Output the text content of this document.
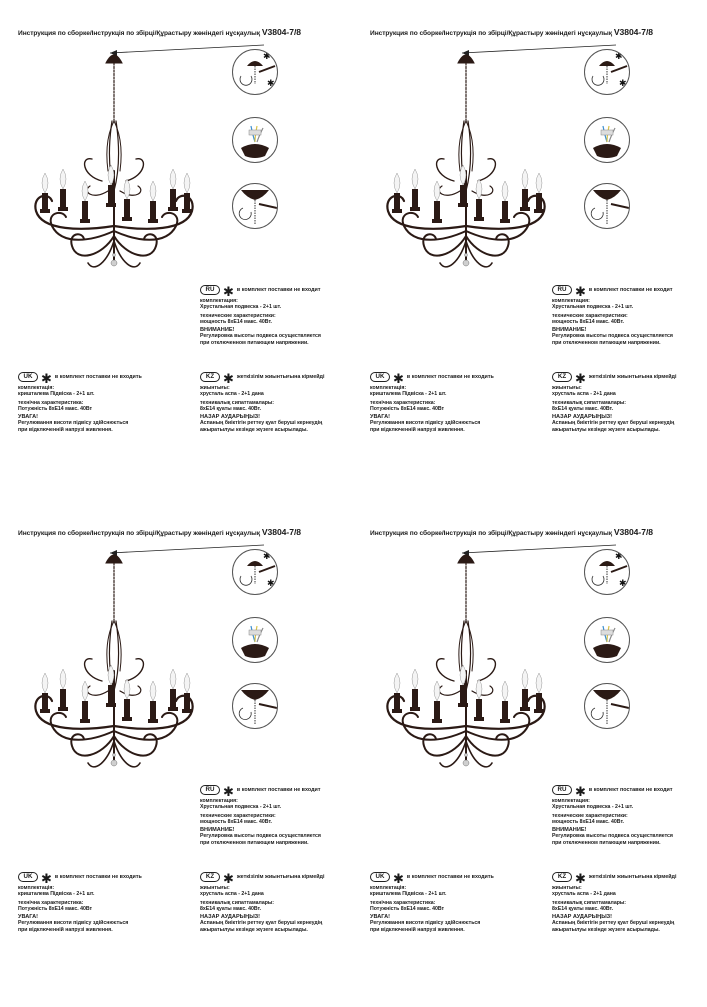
Инструкция по сборке/Інструкція по збірці/Құрастыру жөніндегі нұсқаулық V3804-7/8
✱
✱
RU ✱ в комплект поставки не входит
комплектация:
Хрустальная подвеска - 2+1 шт.
технические характеристики:
мощность 8хЕ14 макс. 40Вт.
ВНИМАНИЕ!
Регулировка высоты подвеса осуществляется
при отключенном питающем напряжении.
UK ✱ в комплект поставки не входить
комплектація:
кришталева Підвіска - 2+1 шт.
технічна характеристика:
Потужність 8хЕ14 макс. 40Вт
УВАГА!
Регулювання висоти підвісу здійснюється
при відключенній напрузі живлення.
KZ ✱ жеткізілім жиынтығына кірмейді
жиынтығы:
хрусталь аспа - 2+1 дана
техникалық сипаттамалары:
8хЕ14 қуаты макс. 40Вт.
НАЗАР АУДАРЫҢЫЗ!
Аспаның биіктігін реттеу қуат беруші кернеудің
ажыратылуы кезінде жүзеге асырылады.
Инструкция по сборке/Інструкція по збірці/Құрастыру жөніндегі нұсқаулық V3804-7/8
✱
✱
RU ✱ в комплект поставки не входит
комплектация:
Хрустальная подвеска - 2+1 шт.
технические характеристики:
мощность 8хЕ14 макс. 40Вт.
ВНИМАНИЕ!
Регулировка высоты подвеса осуществляется
при отключенном питающем напряжении.
UK ✱ в комплект поставки не входить
комплектація:
кришталева Підвіска - 2+1 шт.
технічна характеристика:
Потужність 8хЕ14 макс. 40Вт
УВАГА!
Регулювання висоти підвісу здійснюється
при відключенній напрузі живлення.
KZ ✱ жеткізілім жиынтығына кірмейді
жиынтығы:
хрусталь аспа - 2+1 дана
техникалық сипаттамалары:
8хЕ14 қуаты макс. 40Вт.
НАЗАР АУДАРЫҢЫЗ!
Аспаның биіктігін реттеу қуат беруші кернеудің
ажыратылуы кезінде жүзеге асырылады.
Инструкция по сборке/Інструкція по збірці/Құрастыру жөніндегі нұсқаулық V3804-7/8
✱
✱
RU ✱ в комплект поставки не входит
комплектация:
Хрустальная подвеска - 2+1 шт.
технические характеристики:
мощность 8хЕ14 макс. 40Вт.
ВНИМАНИЕ!
Регулировка высоты подвеса осуществляется
при отключенном питающем напряжении.
UK ✱ в комплект поставки не входить
комплектація:
кришталева Підвіска - 2+1 шт.
технічна характеристика:
Потужність 8хЕ14 макс. 40Вт
УВАГА!
Регулювання висоти підвісу здійснюється
при відключенній напрузі живлення.
KZ ✱ жеткізілім жиынтығына кірмейді
жиынтығы:
хрусталь аспа - 2+1 дана
техникалық сипаттамалары:
8хЕ14 қуаты макс. 40Вт.
НАЗАР АУДАРЫҢЫЗ!
Аспаның биіктігін реттеу қуат беруші кернеудің
ажыратылуы кезінде жүзеге асырылады.
Инструкция по сборке/Інструкція по збірці/Құрастыру жөніндегі нұсқаулық V3804-7/8
✱
✱
RU ✱ в комплект поставки не входит
комплектация:
Хрустальная подвеска - 2+1 шт.
технические характеристики:
мощность 8хЕ14 макс. 40Вт.
ВНИМАНИЕ!
Регулировка высоты подвеса осуществляется
при отключенном питающем напряжении.
UK ✱ в комплект поставки не входить
комплектація:
кришталева Підвіска - 2+1 шт.
технічна характеристика:
Потужність 8хЕ14 макс. 40Вт
УВАГА!
Регулювання висоти підвісу здійснюється
при відключенній напрузі живлення.
KZ ✱ жеткізілім жиынтығына кірмейді
жиынтығы:
хрусталь аспа - 2+1 дана
техникалық сипаттамалары:
8хЕ14 қуаты макс. 40Вт.
НАЗАР АУДАРЫҢЫЗ!
Аспаның биіктігін реттеу қуат беруші кернеудің
ажыратылуы кезінде жүзеге асырылады.
